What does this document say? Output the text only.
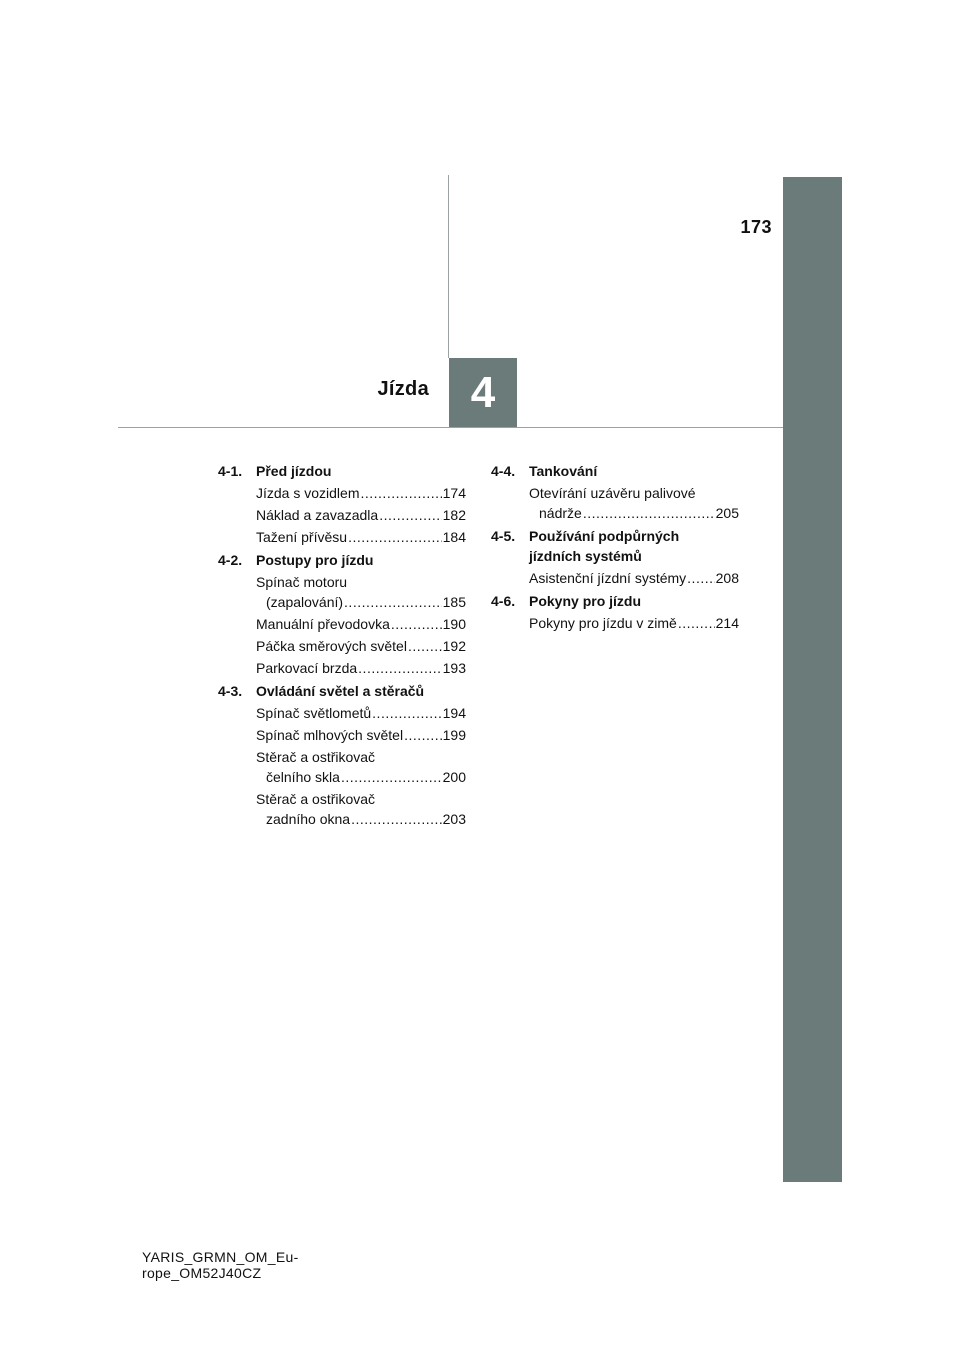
173
Jízda 4
4-1. Před jízdou
Jízda s vozidlem .....	174
Náklad a zavazadla .....	182
Tažení přívěsu .....	184
4-2. Postupy pro jízdu
Spínač motoru
(zapalování) .....	185
Manuální převodovka .....	190
Páčka směrových světel .....	192
Parkovací brzda .....	193
4-3. Ovládání světel a stěračů
Spínač světlometů .....	194
Spínač mlhových světel .....	199
Stěrač a ostřikovač
čelního skla .....	200
Stěrač a ostřikovač
zadního okna .....	203
4-4. Tankování
Otevírání uzávěru palivové
nádrže .....	205
4-5. Používání podpůrných
jízdních systémů
Asistenční jízdní systémy ..... 208
4-6. Pokyny pro jízdu
Pokyny pro jízdu v zimě .....	214
YARIS_GRMN_OM_Eu-
rope_OM52J40CZ
